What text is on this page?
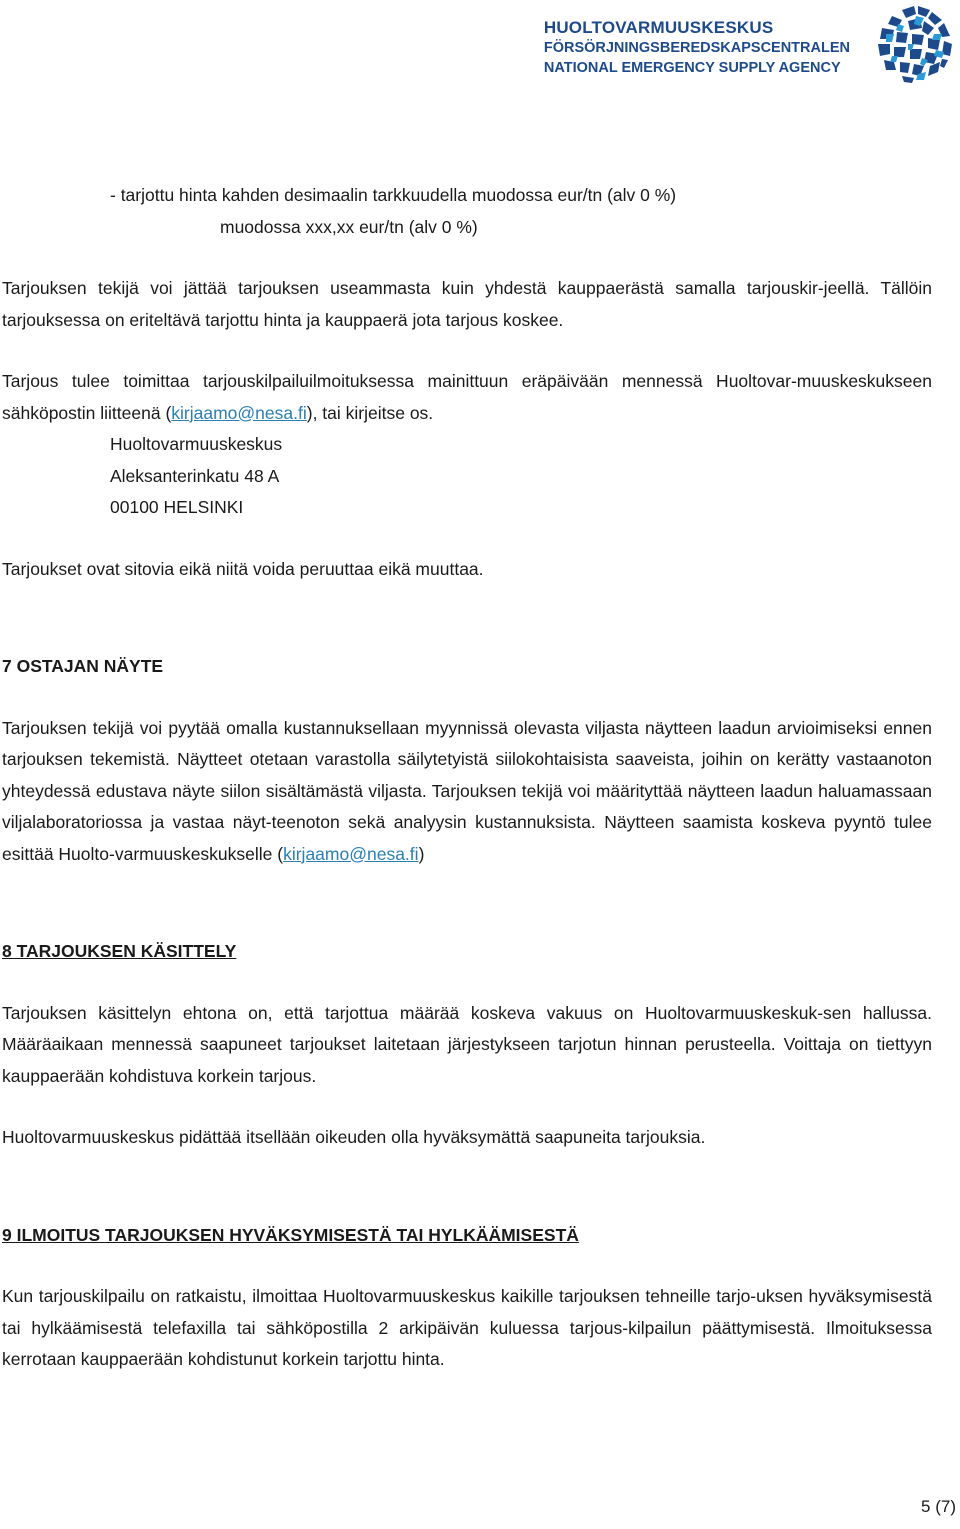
HUOLTOVARMUUSKESKUS
FÖRSÖRJNINGSBEREDSKAPSCENTRALEN
NATIONAL EMERGENCY SUPPLY AGENCY

- tarjottu hinta kahden desimaalin tarkkuudella muodossa eur/tn (alv 0 %)

muodossa xxx,xx eur/tn (alv 0 %)

Tarjouksen tekijä voi jättää tarjouksen useammasta kuin yhdestä kauppaerästä samalla tarjouskir-jeellä. Tällöin tarjouksessa on eriteltävä tarjottu hinta ja kauppaerä jota tarjous koskee.

Tarjous tulee toimittaa tarjouskilpailuilmoituksessa mainittuun eräpäivään mennessä Huoltovar-muuskeskukseen sähköpostin liitteenä (kirjaamo@nesa.fi), tai kirjeitse os.

Huoltovarmuuskeskus

Aleksanterinkatu 48 A

00100 HELSINKI

Tarjoukset ovat sitovia eikä niitä voida peruuttaa eikä muuttaa.

7 OSTAJAN NÄYTE

Tarjouksen tekijä voi pyytää omalla kustannuksellaan myynnissä olevasta viljasta näytteen laadun arvioimiseksi ennen tarjouksen tekemistä. Näytteet otetaan varastolla säilytetyistä siilokohtaisista saaveista, joihin on kerätty vastaanoton yhteydessä edustava näyte siilon sisältämästä viljasta. Tarjouksen tekijä voi määrityttää näytteen laadun haluamassaan viljalaboratoriossa ja vastaa näyt-teenoton sekä analyysin kustannuksista. Näytteen saamista koskeva pyyntö tulee esittää Huolto-varmuuskeskukselle (kirjaamo@nesa.fi)

8 TARJOUKSEN KÄSITTELY

Tarjouksen käsittelyn ehtona on, että tarjottua määrää koskeva vakuus on Huoltovarmuuskeskuk-sen hallussa. Määräaikaan mennessä saapuneet tarjoukset laitetaan järjestykseen tarjotun hinnan perusteella. Voittaja on tiettyyn kauppaerään kohdistuva korkein tarjous.

Huoltovarmuuskeskus pidättää itsellään oikeuden olla hyväksymättä saapuneita tarjouksia.

9 ILMOITUS TARJOUKSEN HYVÄKSYMISESTÄ TAI HYLKÄÄMISESTÄ

Kun tarjouskilpailu on ratkaistu, ilmoittaa Huoltovarmuuskeskus kaikille tarjouksen tehneille tarjo-uksen hyväksymisestä tai hylkäämisestä telefaxilla tai sähköpostilla 2 arkipäivän kuluessa tarjous-kilpailun päättymisestä. Ilmoituksessa kerrotaan kauppaerään kohdistunut korkein tarjottu hinta.

5 (7)
